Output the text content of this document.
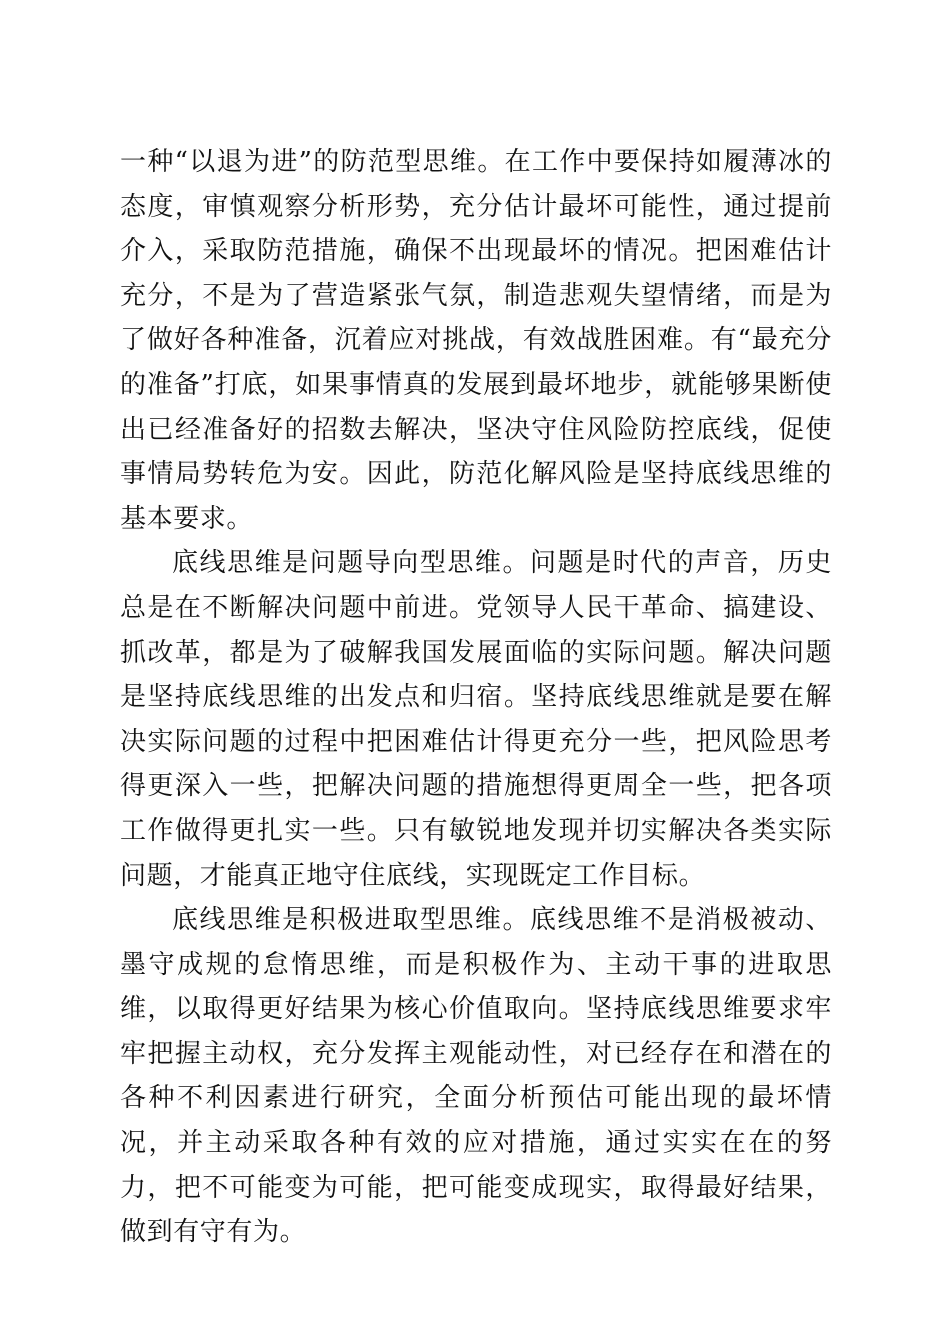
一种“以退为进”的防范型思维。在工作中要保持如履薄冰的态度，审慎观察分析形势，充分估计最坏可能性，通过提前介入，采取防范措施，确保不出现最坏的情况。把困难估计充分，不是为了营造紧张气氛，制造悲观失望情绪，而是为了做好各种准备，沉着应对挑战，有效战胜困难。有“最充分的准备”打底，如果事情真的发展到最坏地步，就能够果断使出已经准备好的招数去解决，坚决守住风险防控底线，促使事情局势转危为安。因此，防范化解风险是坚持底线思维的基本要求。

底线思维是问题导向型思维。问题是时代的声音，历史总是在不断解决问题中前进。党领导人民干革命、搞建设、抓改革，都是为了破解我国发展面临的实际问题。解决问题是坚持底线思维的出发点和归宿。坚持底线思维就是要在解决实际问题的过程中把困难估计得更充分一些，把风险思考得更深入一些，把解决问题的措施想得更周全一些，把各项工作做得更扎实一些。只有敏锐地发现并切实解决各类实际问题，才能真正地守住底线，实现既定工作目标。

底线思维是积极进取型思维。底线思维不是消极被动、墨守成规的怠惰思维，而是积极作为、主动干事的进取思维，以取得更好结果为核心价值取向。坚持底线思维要求牢牢把握主动权，充分发挥主观能动性，对已经存在和潜在的各种不利因素进行研究，全面分析预估可能出现的最坏情况，并主动采取各种有效的应对措施，通过实实在在的努力，把不可能变为可能，把可能变成现实，取得最好结果，做到有守有为。
